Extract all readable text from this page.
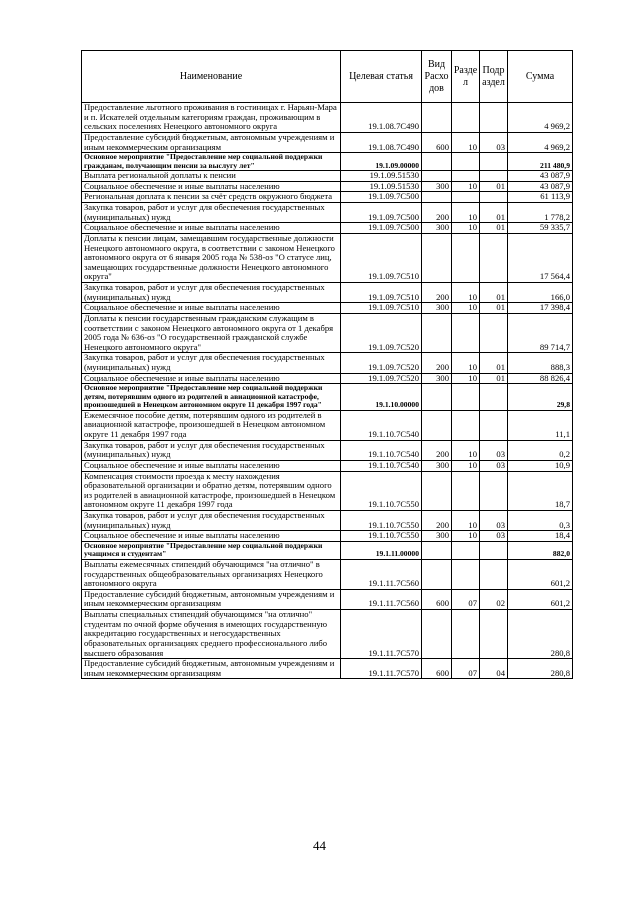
Наименование	Целевая статья	Вид Расхо дов	Разде л	Подр аздел	Сумма
Предоставление льготного проживания в гостиницах г. Нарьян-Мара и п. Искателей отдельным категориям граждан, проживающим в сельских поселениях Ненецкого автономного округа	19.1.08.7С490				4 969,2
Предоставление субсидий бюджетным, автономным учреждениям и иным некоммерческим организациям	19.1.08.7С490	600	10	03	4 969,2
Основное мероприятие "Предоставление мер социальной поддержки гражданам, получающим пенсии за выслугу лет"	19.1.09.00000				211 480,9
Выплата региональной доплаты к пенсии	19.1.09.51530				43 087,9
Социальное обеспечение и иные выплаты населению	19.1.09.51530	300	10	01	43 087,9
Региональная доплата к пенсии за счёт средств окружного бюджета	19.1.09.7С500				61 113,9
Закупка товаров, работ и услуг для обеспечения государственных (муниципальных) нужд	19.1.09.7С500	200	10	01	1 778,2
Социальное обеспечение и иные выплаты населению	19.1.09.7С500	300	10	01	59 335,7
Доплаты к пенсии лицам, замещавшим государственные должности Ненецкого автономного округа, в соответствии с законом Ненецкого автономного округа от 6 января 2005 года № 538-оз "О статусе лиц, замещающих государственные должности Ненецкого автономного округа"	19.1.09.7С510				17 564,4
Закупка товаров, работ и услуг для обеспечения государственных (муниципальных) нужд	19.1.09.7С510	200	10	01	166,0
Социальное обеспечение и иные выплаты населению	19.1.09.7С510	300	10	01	17 398,4
Доплаты к пенсии государственным гражданским служащим в соответствии с законом Ненецкого автономного округа от 1 декабря 2005 года № 636-оз "О государственной гражданской службе Ненецкого автономного округа"	19.1.09.7С520				89 714,7
Закупка товаров, работ и услуг для обеспечения государственных (муниципальных) нужд	19.1.09.7С520	200	10	01	888,3
Социальное обеспечение и иные выплаты населению	19.1.09.7С520	300	10	01	88 826,4
Основное мероприятие "Предоставление мер социальной поддержки детям, потерявшим одного из родителей в авиационной катастрофе, произошедшей в Ненецком автономном округе 11 декабря 1997 года"	19.1.10.00000				29,8
Ежемесячное пособие детям, потерявшим одного из родителей в авиационной катастрофе, произошедшей в Ненецком автономном округе 11 декабря 1997 года	19.1.10.7С540				11,1
Закупка товаров, работ и услуг для обеспечения государственных (муниципальных) нужд	19.1.10.7С540	200	10	03	0,2
Социальное обеспечение и иные выплаты населению	19.1.10.7С540	300	10	03	10,9
Компенсация стоимости проезда к месту нахождения образовательной организации и обратно детям, потерявшим одного из родителей в авиационной катастрофе, произошедшей в Ненецком автономном округе 11 декабря 1997 года	19.1.10.7С550				18,7
Закупка товаров, работ и услуг для обеспечения государственных (муниципальных) нужд	19.1.10.7С550	200	10	03	0,3
Социальное обеспечение и иные выплаты населению	19.1.10.7С550	300	10	03	18,4
Основное мероприятие "Предоставление мер социальной поддержки учащимся и студентам"	19.1.11.00000				882,0
Выплаты ежемесячных стипендий обучающимся "на отлично" в государственных общеобразовательных организациях Ненецкого автономного округа	19.1.11.7С560				601,2
Предоставление субсидий бюджетным, автономным учреждениям и иным некоммерческим организациям	19.1.11.7С560	600	07	02	601,2
Выплаты специальных стипендий обучающимся "на отлично" студентам по очной форме обучения в имеющих государственную аккредитацию государственных и негосударственных образовательных организациях среднего профессионального либо высшего образования	19.1.11.7С570				280,8
Предоставление субсидий бюджетным, автономным учреждениям и иным некоммерческим организациям	19.1.11.7С570	600	07	04	280,8
44
